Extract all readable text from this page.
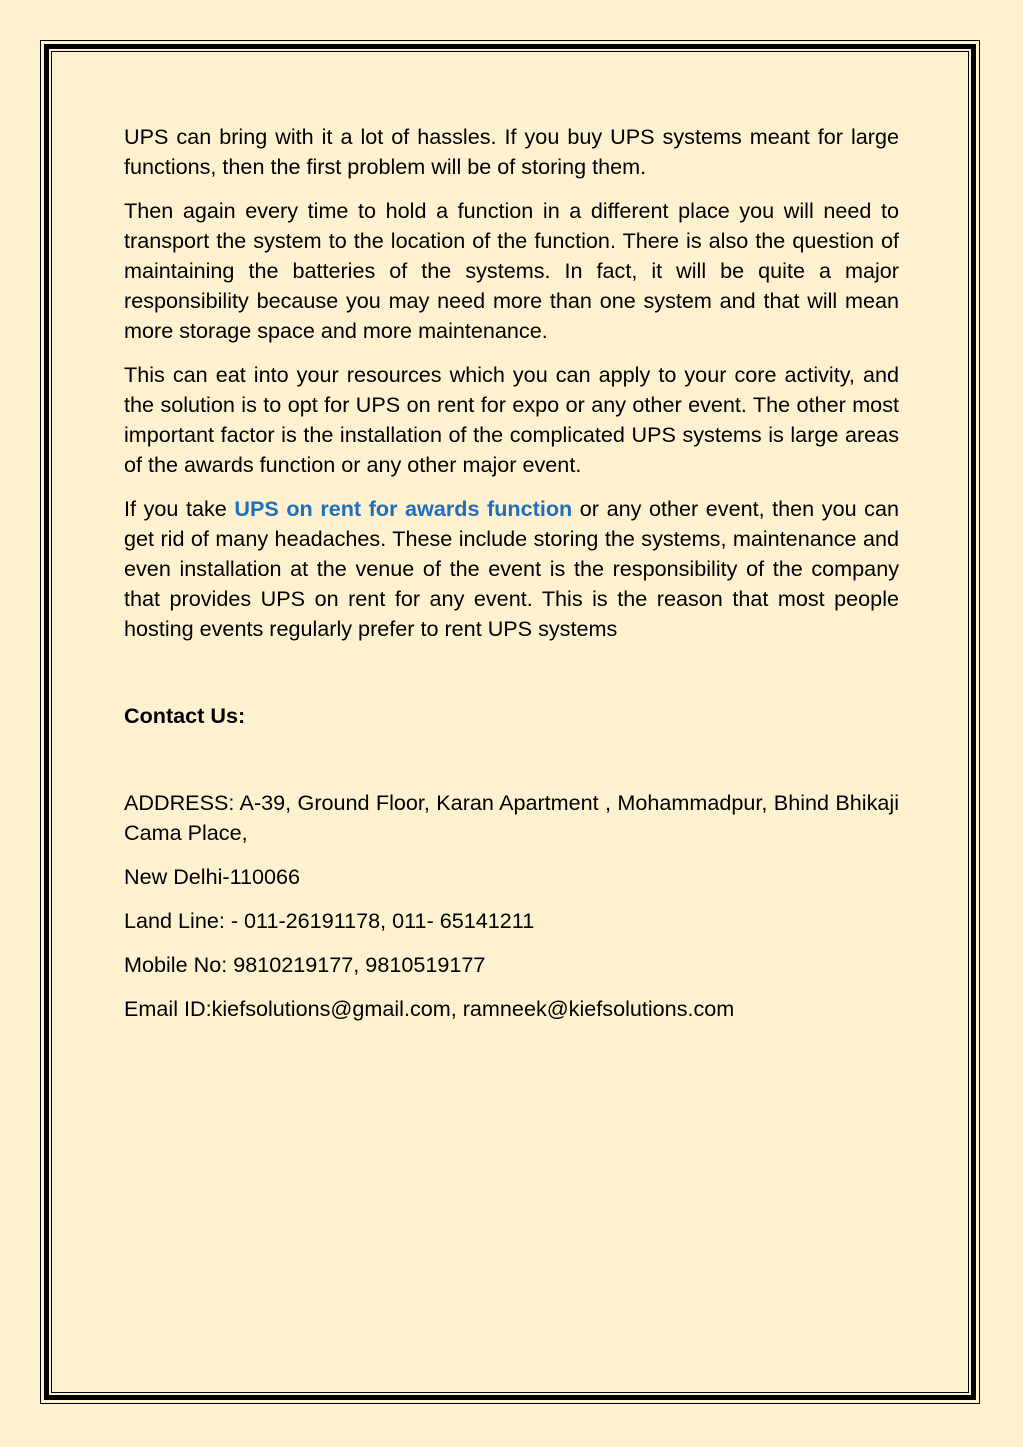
UPS can bring with it a lot of hassles. If you buy UPS systems meant for large functions, then the first problem will be of storing them.

Then again every time to hold a function in a different place you will need to transport the system to the location of the function. There is also the question of maintaining the batteries of the systems. In fact, it will be quite a major responsibility because you may need more than one system and that will mean more storage space and more maintenance.

This can eat into your resources which you can apply to your core activity, and the solution is to opt for UPS on rent for expo or any other event. The other most important factor is the installation of the complicated UPS systems is large areas of the awards function or any other major event.

If you take UPS on rent for awards function or any other event, then you can get rid of many headaches. These include storing the systems, maintenance and even installation at the venue of the event is the responsibility of the company that provides UPS on rent for any event. This is the reason that most people hosting events regularly prefer to rent UPS systems

Contact Us:

ADDRESS: A-39, Ground Floor, Karan Apartment , Mohammadpur, Bhind Bhikaji Cama Place,

New Delhi-110066

Land Line: - 011-26191178, 011- 65141211

Mobile No: 9810219177, 9810519177

Email ID:kiefsolutions@gmail.com, ramneek@kiefsolutions.com
